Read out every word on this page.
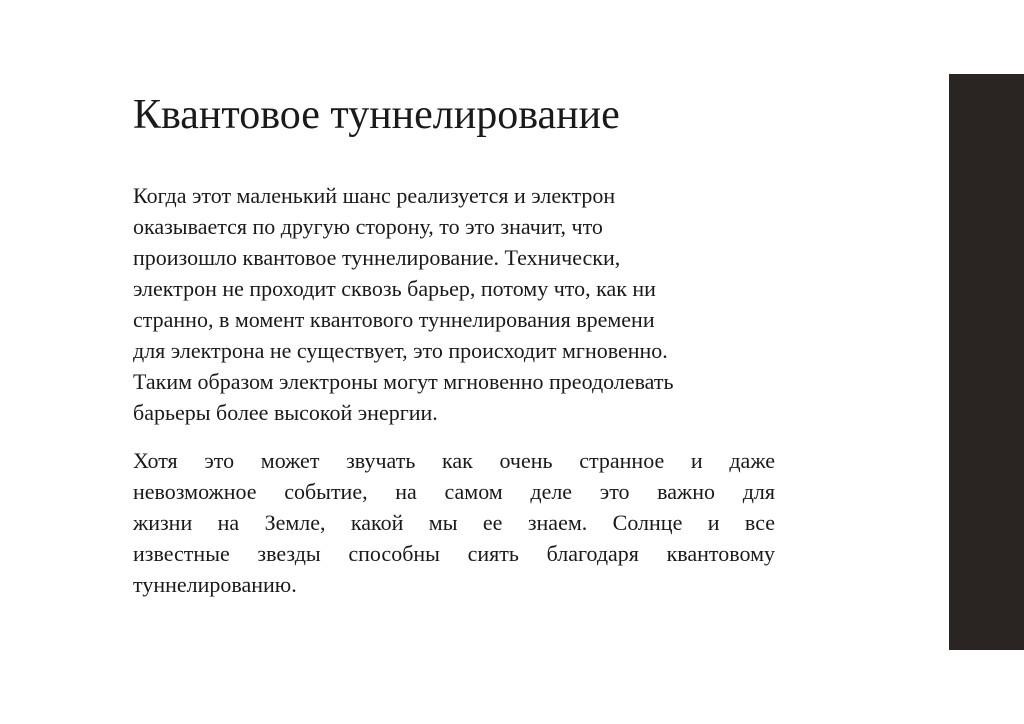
Квантовое туннелирование

Когда этот маленький шанс реализуется и электрон
оказывается по другую сторону, то это значит, что
произошло квантовое туннелирование. Технически,
электрон не проходит сквозь барьер, потому что, как ни
странно, в момент квантового туннелирования времени
для электрона не существует, это происходит мгновенно.
Таким образом электроны могут мгновенно преодолевать
барьеры более высокой энергии.

Хотя это может звучать как очень странное и даже
невозможное событие, на самом деле это важно для
жизни на Земле, какой мы ее знаем. Солнце и все
известные звезды способны сиять благодаря квантовому
туннелированию.
